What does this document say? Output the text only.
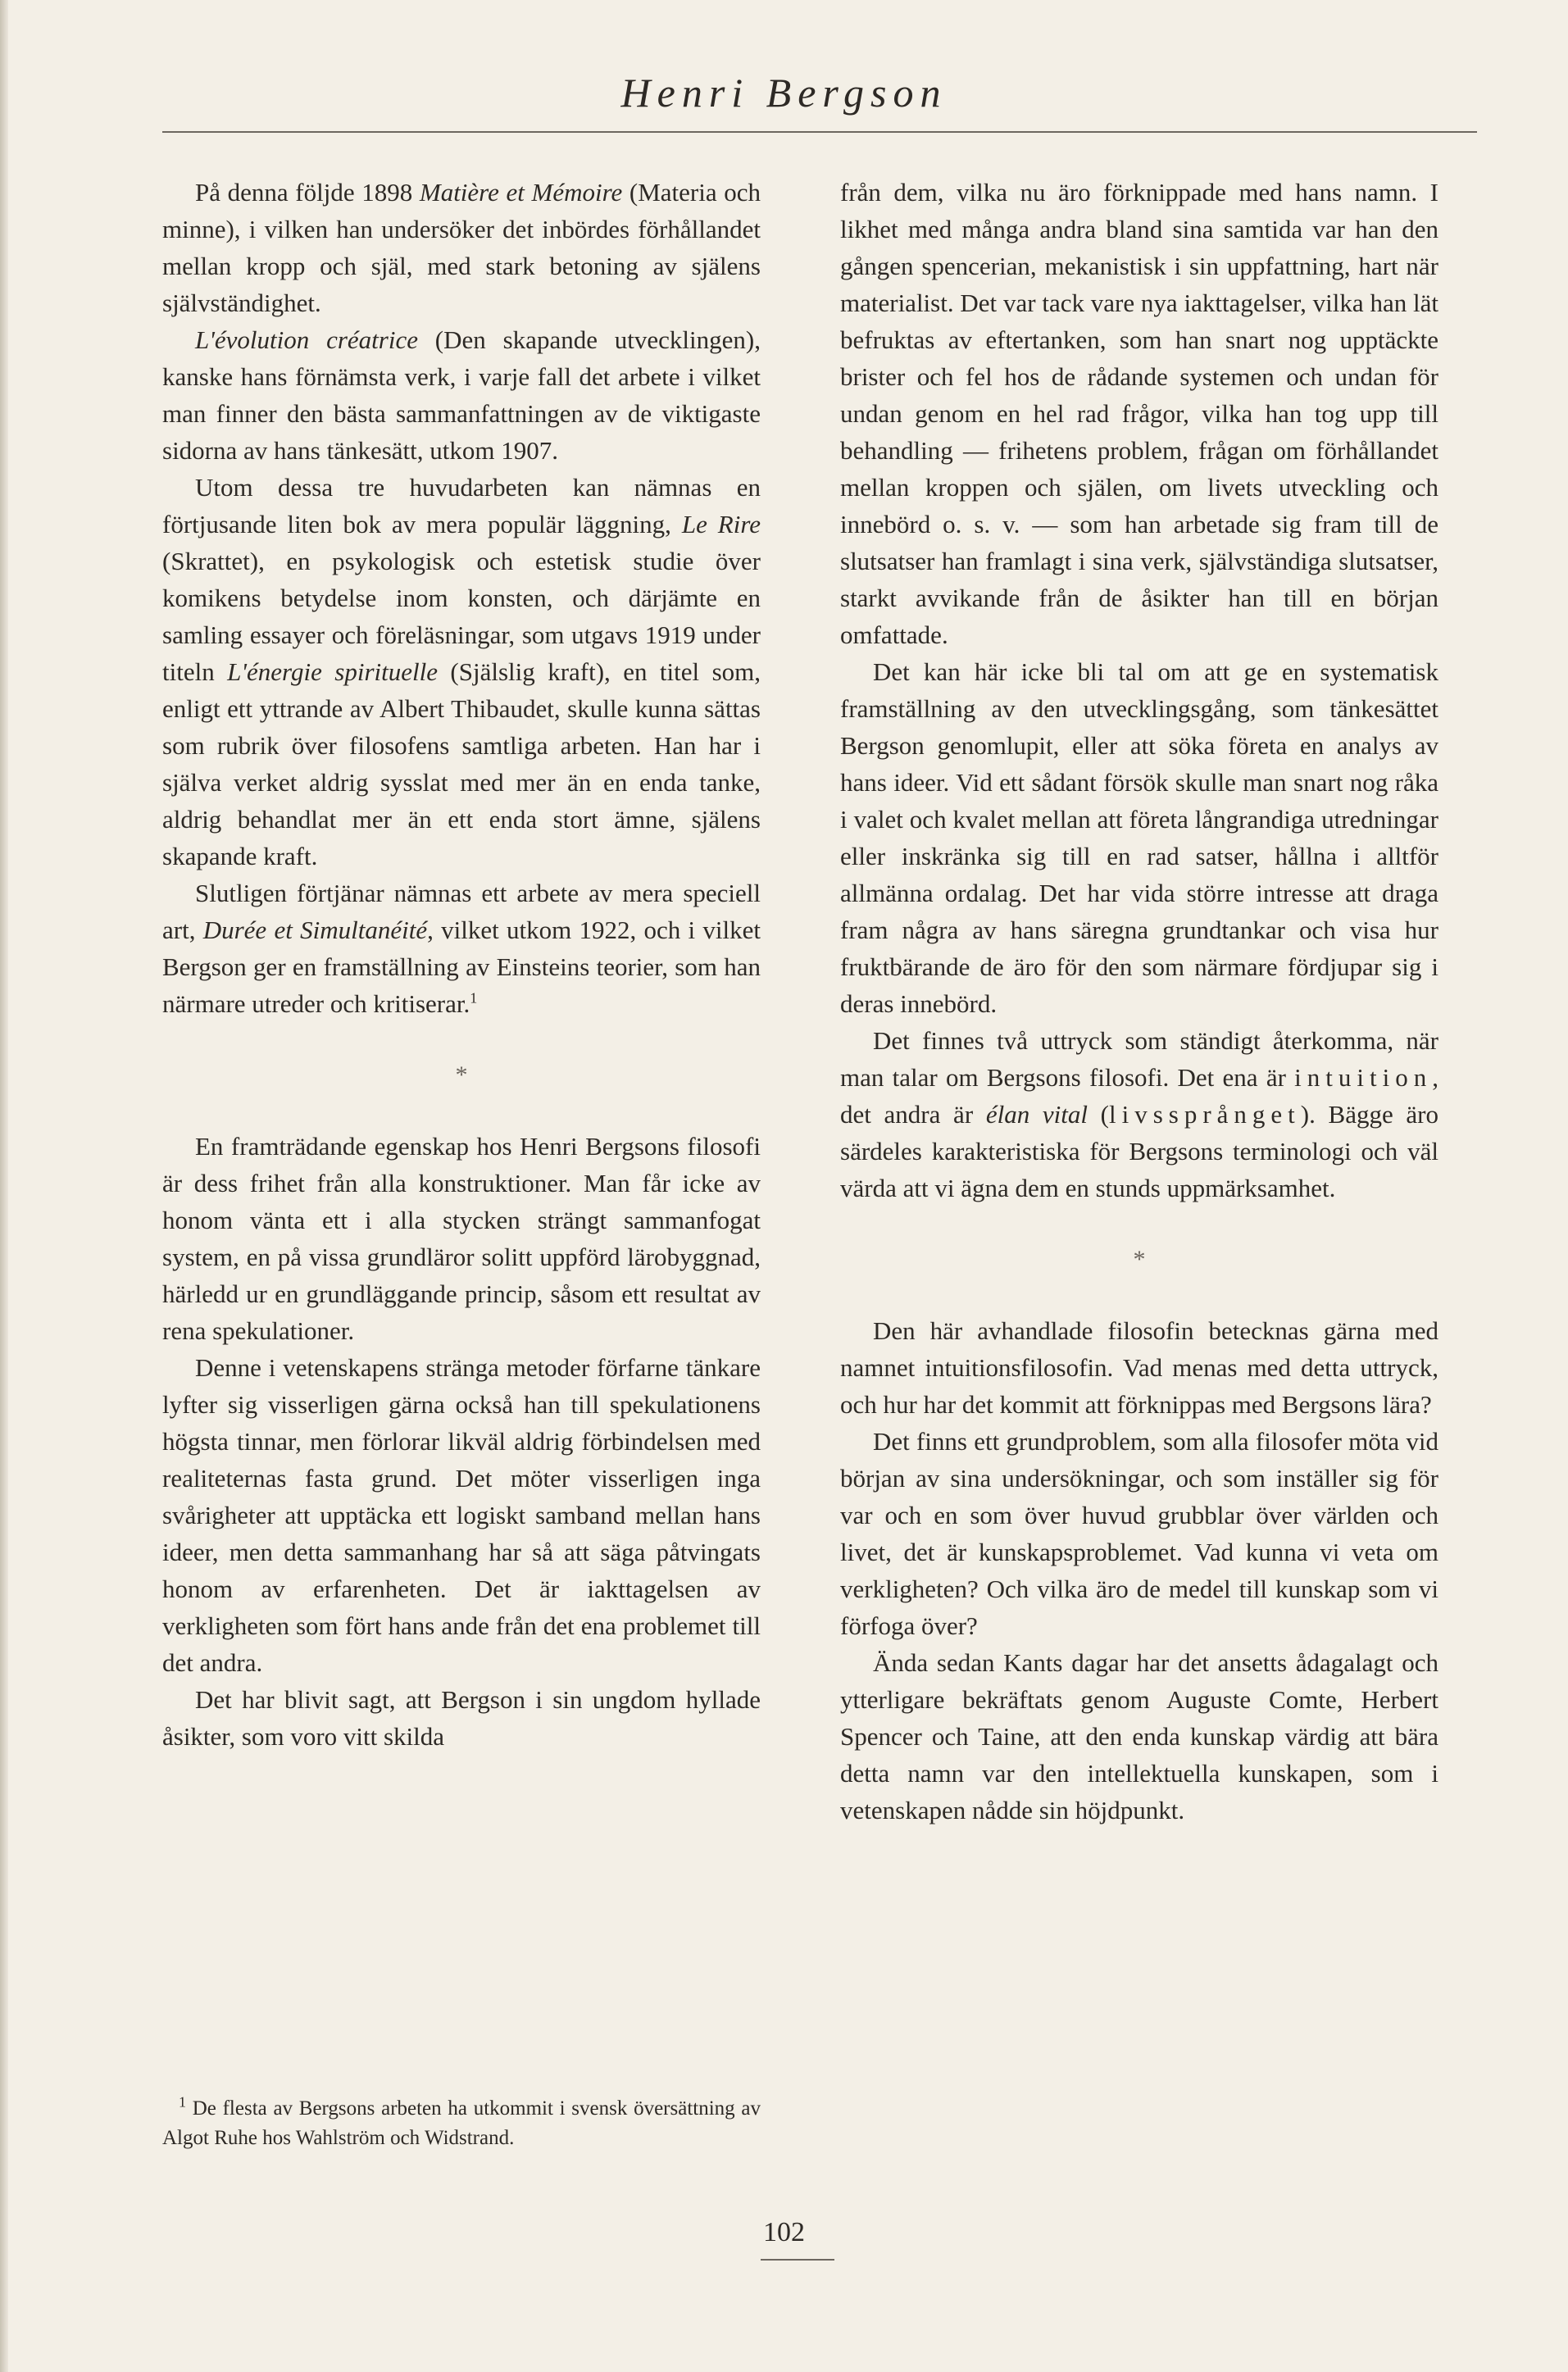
Henri Bergson

På denna följde 1898 Matière et Mémoire (Materia och minne), i vilken han undersöker det inbördes förhållandet mellan kropp och själ, med stark betoning av själens självständighet.

L'évolution créatrice (Den skapande utvecklingen), kanske hans förnämsta verk, i varje fall det arbete i vilket man finner den bästa sammanfattningen av de viktigaste sidorna av hans tänkesätt, utkom 1907.

Utom dessa tre huvudarbeten kan nämnas en förtjusande liten bok av mera populär läggning, Le Rire (Skrattet), en psykologisk och estetisk studie över komikens betydelse inom konsten, och därjämte en samling essayer och föreläsningar, som utgavs 1919 under titeln L'énergie spirituelle (Själslig kraft), en titel som, enligt ett yttrande av Albert Thibaudet, skulle kunna sättas som rubrik över filosofens samtliga arbeten. Han har i själva verket aldrig sysslat med mer än en enda tanke, aldrig behandlat mer än ett enda stort ämne, själens skapande kraft.

Slutligen förtjänar nämnas ett arbete av mera speciell art, Durée et Simultanéité, vilket utkom 1922, och i vilket Bergson ger en framställning av Einsteins teorier, som han närmare utreder och kritiserar.$^1$

*

En framträdande egenskap hos Henri Bergsons filosofi är dess frihet från alla konstruktioner. Man får icke av honom vänta ett i alla stycken strängt sammanfogat system, en på vissa grundläror solitt uppförd lärobyggnad, härledd ur en grundläggande princip, såsom ett resultat av rena spekulationer.

Denne i vetenskapens stränga metoder förfarne tänkare lyfter sig visserligen gärna också han till spekulationens högsta tinnar, men förlorar likväl aldrig förbindelsen med realiteternas fasta grund. Det möter visserligen inga svårigheter att upptäcka ett logiskt samband mellan hans ideer, men detta sammanhang har så att säga påtvingats honom av erfarenheten. Det är iakttagelsen av verkligheten som fört hans ande från det ena problemet till det andra.

Det har blivit sagt, att Bergson i sin ungdom hyllade åsikter, som voro vitt skilda

$^1$ De flesta av Bergsons arbeten ha utkommit i svensk översättning av Algot Ruhe hos Wahlström och Widstrand.

från dem, vilka nu äro förknippade med hans namn. I likhet med många andra bland sina samtida var han den gången spencerian, mekanistisk i sin uppfattning, hart när materialist. Det var tack vare nya iakttagelser, vilka han lät befruktas av eftertanken, som han snart nog upptäckte brister och fel hos de rådande systemen och undan för undan genom en hel rad frågor, vilka han tog upp till behandling — frihetens problem, frågan om förhållandet mellan kroppen och själen, om livets utveckling och innebörd o. s. v. — som han arbetade sig fram till de slutsatser han framlagt i sina verk, självständiga slutsatser, starkt avvikande från de åsikter han till en början omfattade.

Det kan här icke bli tal om att ge en systematisk framställning av den utvecklingsgång, som tänkesättet Bergson genomlupit, eller att söka företa en analys av hans ideer. Vid ett sådant försök skulle man snart nog råka i valet och kvalet mellan att företa långrandiga utredningar eller inskränka sig till en rad satser, hållna i alltför allmänna ordalag. Det har vida större intresse att draga fram några av hans säregna grundtankar och visa hur fruktbärande de äro för den som närmare fördjupar sig i deras innebörd.

Det finnes två uttryck som ständigt återkomma, när man talar om Bergsons filosofi. Det ena är intuition, det andra är élan vital (livssprånget). Bägge äro särdeles karakteristiska för Bergsons terminologi och väl värda att vi ägna dem en stunds uppmärksamhet.

*

Den här avhandlade filosofin betecknas gärna med namnet intuitionsfilosofin. Vad menas med detta uttryck, och hur har det kommit att förknippas med Bergsons lära?

Det finns ett grundproblem, som alla filosofer möta vid början av sina undersökningar, och som inställer sig för var och en som över huvud grubblar över världen och livet, det är kunskapsproblemet. Vad kunna vi veta om verkligheten? Och vilka äro de medel till kunskap som vi förfoga över?

Ända sedan Kants dagar har det ansetts ådagalagt och ytterligare bekräftats genom Auguste Comte, Herbert Spencer och Taine, att den enda kunskap värdig att bära detta namn var den intellektuella kunskapen, som i vetenskapen nådde sin höjdpunkt.

102
